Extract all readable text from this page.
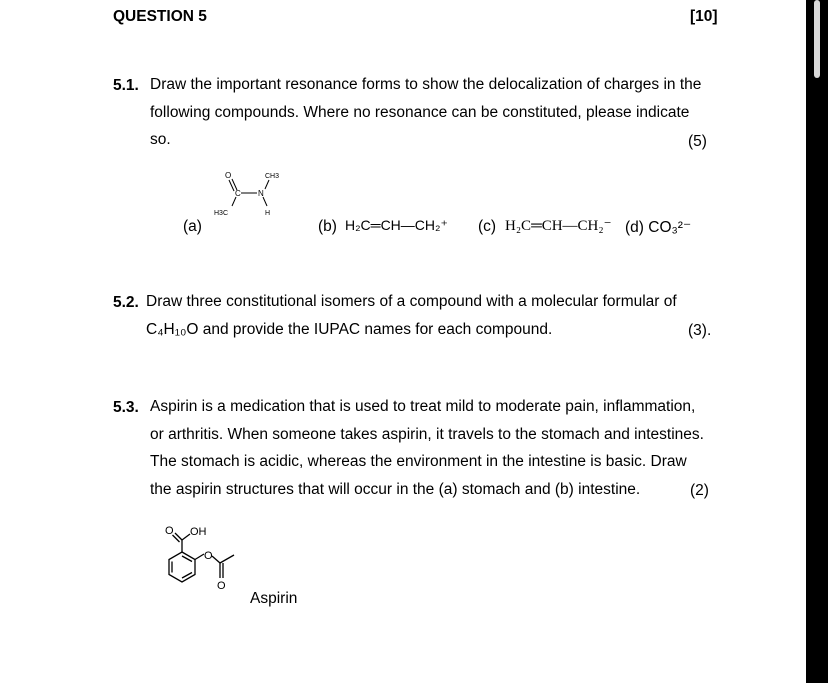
QUESTION 5	[10]
5.1. Draw the important resonance forms to show the delocalization of charges in the
following compounds. Where no resonance can be constituted, please indicate
so.	(5)
O
C N
CH3
H3C	H
(a)	(b) H₂C═CH—CH₂⁺ (c) H₂C═CH—CH₂⁻ (d) CO₃²⁻
5.2. Draw three constitutional isomers of a compound with a molecular formular of
C₄H₁₀O and provide the IUPAC names for each compound.	(3).
5.3. Aspirin is a medication that is used to treat mild to moderate pain, inflammation,
or arthritis. When someone takes aspirin, it travels to the stomach and intestines.
The stomach is acidic, whereas the environment in the intestine is basic. Draw
the aspirin structures that will occur in the (a) stomach and (b) intestine.	(2)
O OH
O
O
Aspirin
